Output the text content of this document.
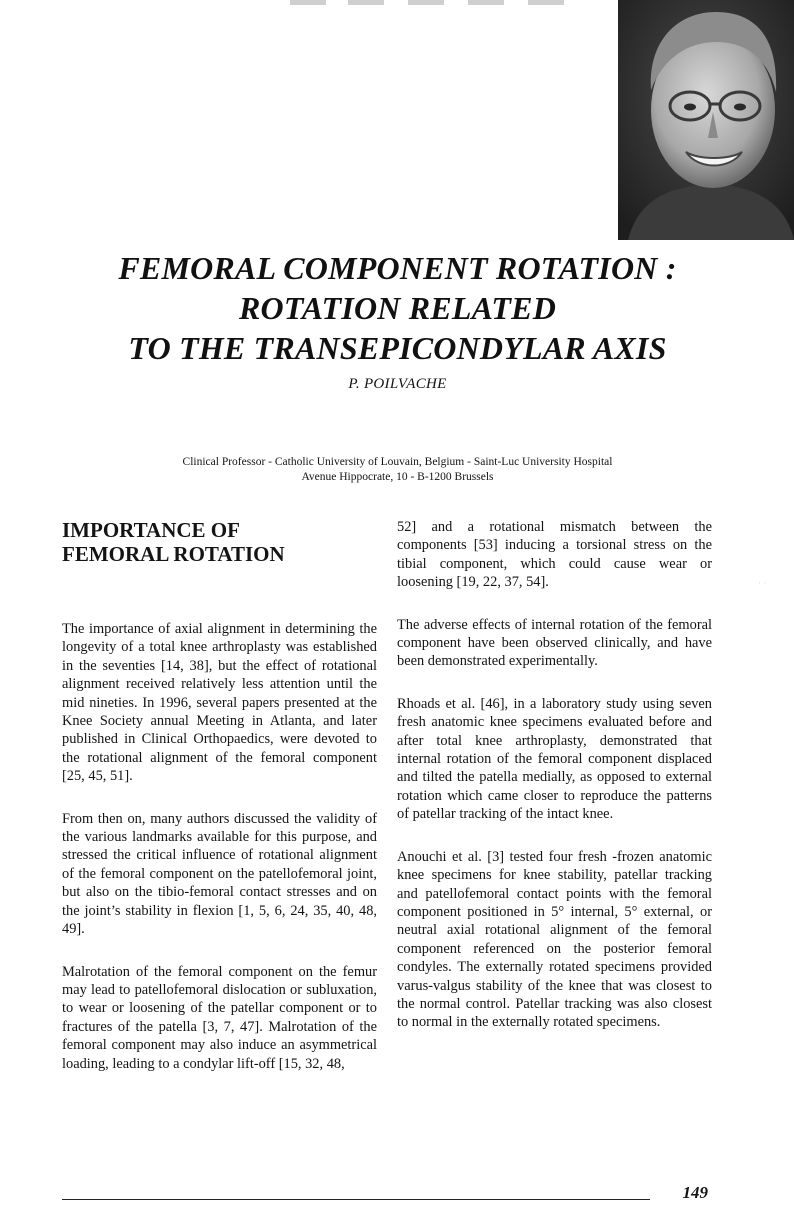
FEMORAL COMPONENT ROTATION :
ROTATION RELATED
TO THE TRANSEPICONDYLAR AXIS
P. POILVACHE
Clinical Professor - Catholic University of Louvain, Belgium - Saint-Luc University Hospital
Avenue Hippocrate, 10 - B-1200 Brussels
IMPORTANCE OF
FEMORAL ROTATION

The importance of axial alignment in determining the longevity of a total knee arthroplasty was established in the seventies [14, 38], but the effect of rotational alignment received relatively less attention until the mid nineties. In 1996, several papers presented at the Knee Society annual Meeting in Atlanta, and later published in Clinical Orthopaedics, were devoted to the rotational alignment of the femoral component [25, 45, 51].

From then on, many authors discussed the validity of the various landmarks available for this purpose, and stressed the critical influence of rotational alignment of the femoral component on the patellofemoral joint, but also on the tibio-femoral contact stresses and on the joint’s stability in flexion [1, 5, 6, 24, 35, 40, 48, 49].

Malrotation of the femoral component on the femur may lead to patellofemoral dislocation or subluxation, to wear or loosening of the patellar component or to fractures of the patella [3, 7, 47]. Malrotation of the femoral component may also induce an asymmetrical loading, leading to a condylar lift-off [15, 32, 48,

52] and a rotational mismatch between the components [53] inducing a torsional stress on the tibial component, which could cause wear or loosening [19, 22, 37, 54].

The adverse effects of internal rotation of the femoral component have been observed clinically, and have been demonstrated experimentally.

Rhoads et al. [46], in a laboratory study using seven fresh anatomic knee specimens evaluated before and after total knee arthroplasty, demonstrated that internal rotation of the femoral component displaced and tilted the patella medially, as opposed to external rotation which came closer to reproduce the patterns of patellar tracking of the intact knee.

Anouchi et al. [3] tested four fresh -frozen anatomic knee specimens for knee stability, patellar tracking and patellofemoral contact points with the femoral component positioned in 5° internal, 5° external, or neutral axial rotational alignment of the femoral component referenced on the posterior femoral condyles. The externally rotated specimens provided varus-valgus stability of the knee that was closest to the normal control. Patellar tracking was also closest to normal in the externally rotated specimens.

· ·
149
